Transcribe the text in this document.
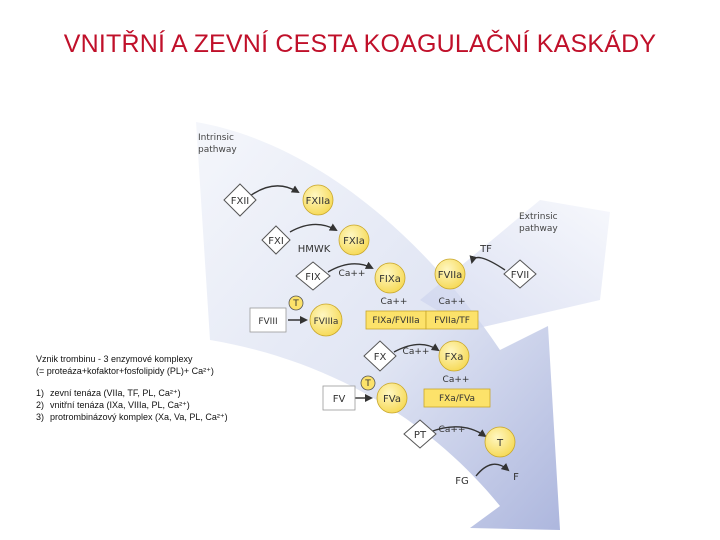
VNITŘNÍ A ZEVNÍ CESTA KOAGULAČNÍ KASKÁDY
Intrinsic pathway
Extrinsic pathway
FXII	FXIIa
FXI
HMWK
FXIa
FIX Ca++ FIXa	FVIIa	FVII
TF
T
FVIII	FVIIIa
Ca++	Ca++
FIXa/FVIIIa FVIIa/TF
FX Ca++ FXa
T	Ca++
FV	FVa	FXa/FVa
PT Ca++
T
FG	F
Vznik trombinu - 3 enzymové komplexy
(= proteáza+kofaktor+fosfolipidy (PL)+ Ca²⁺)
1) zevní tenáza (VIIa, TF, PL, Ca²⁺)
2) vnitřní tenáza (IXa, VIIIa, PL, Ca²⁺)
3) protrombinázový komplex (Xa, Va, PL, Ca²⁺)
